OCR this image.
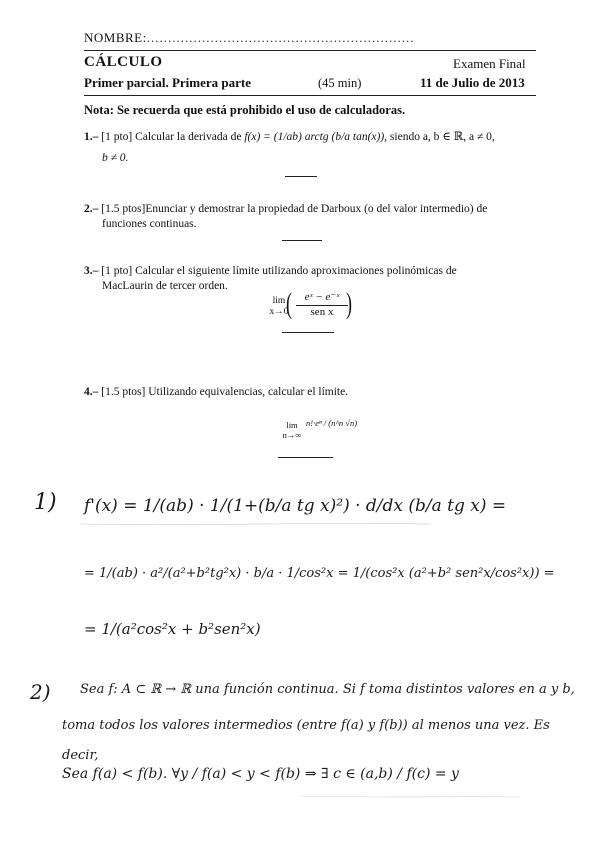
NOMBRE:...............................................................
CÁLCULO	Examen Final
Primer parcial. Primera parte	(45 min)	11 de Julio de 2013
Nota: Se recuerda que está prohibido el uso de calculadoras.
1.– [1 pto] Calcular la derivada de f(x) = (1/ab) arctg (b/a tan(x)), siendo a, b ∈ ℝ, a ≠ 0,
b ≠ 0.
2.– [1.5 ptos]Enunciar y demostrar la propiedad de Darboux (o del valor intermedio) de
funciones continuas.
3.– [1 pto] Calcular el siguiente límite utilizando aproximaciones polinómicas de
MacLaurin de tercer orden.
lim x→0
(	eˣ − e⁻ˣ
sen x )
4.– [1.5 ptos] Utilizando equivalencias, calcular el límite.
lim n→∞
n!·eⁿ / (n^n √n)
1) f'(x) = 1/(ab) · 1/(1+(b/a tg x)²) · d/dx (b/a tg x) =
= 1/(ab) · a²/(a²+b²tg²x) · b/a · 1/cos²x = 1/(cos²x (a²+b² sen²x/cos²x)) =
= 1/(a²cos²x + b²sen²x)
2) Sea f: A ⊂ ℝ → ℝ una función continua. Si f toma distintos valores en a y b,
toma todos los valores intermedios (entre f(a) y f(b)) al menos una vez. Es
decir,
Sea f(a) < f(b). ∀y / f(a) < y < f(b) ⇒ ∃ c ∈ (a,b) / f(c) = y
